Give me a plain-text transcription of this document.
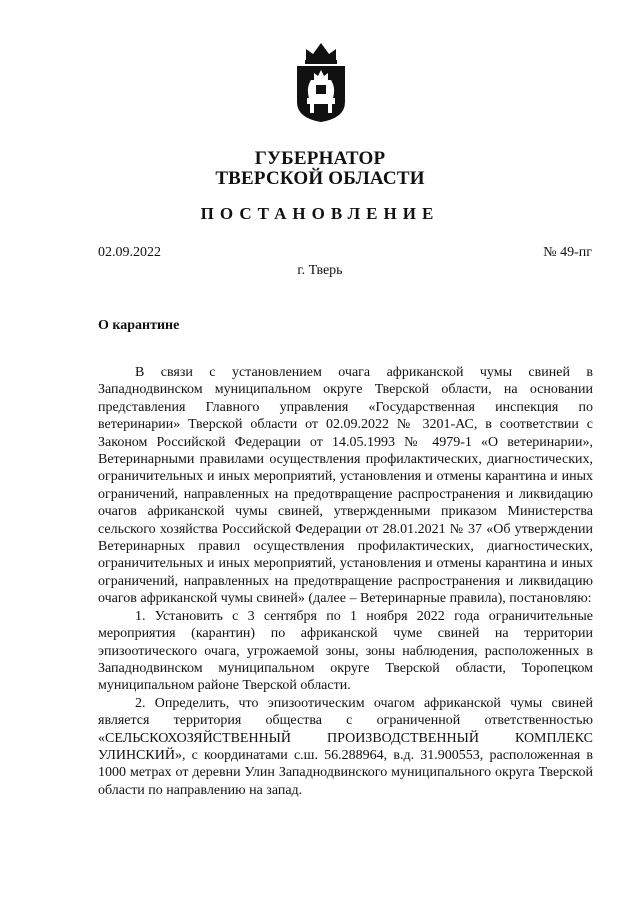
ГУБЕРНАТОР
ТВЕРСКОЙ ОБЛАСТИ
ПОСТАНОВЛЕНИЕ
02.09.2022	№ 49-пг
г. Тверь
О карантине

В связи с установлением очага африканской чумы свиней в Западнодвинском муниципальном округе Тверской области, на основании представления Главного управления «Государственная инспекция по ветеринарии» Тверской области от 02.09.2022 № 3201-АС, в соответствии с Законом Российской Федерации от 14.05.1993 № 4979-1 «О ветеринарии», Ветеринарными правилами осуществления профилактических, диагностических, ограничительных и иных мероприятий, установления и отмены карантина и иных ограничений, направленных на предотвращение распространения и ликвидацию очагов африканской чумы свиней, утвержденными приказом Министерства сельского хозяйства Российской Федерации от 28.01.2021 № 37 «Об утверждении Ветеринарных правил осуществления профилактических, диагностических, ограничительных и иных мероприятий, установления и отмены карантина и иных ограничений, направленных на предотвращение распространения и ликвидацию очагов африканской чумы свиней» (далее – Ветеринарные правила), постановляю:

1. Установить с 3 сентября по 1 ноября 2022 года ограничительные мероприятия (карантин) по африканской чуме свиней на территории эпизоотического очага, угрожаемой зоны, зоны наблюдения, расположенных в Западнодвинском муниципальном округе Тверской области, Торопецком муниципальном районе Тверской области.

2. Определить, что эпизоотическим очагом африканской чумы свиней является территория общества с ограниченной ответственностью «СЕЛЬСКОХОЗЯЙСТВЕННЫЙ ПРОИЗВОДСТВЕННЫЙ КОМПЛЕКС УЛИНСКИЙ», с координатами с.ш. 56.288964, в.д. 31.900553, расположенная в 1000 метрах от деревни Улин Западнодвинского муниципального округа Тверской области по направлению на запад.
